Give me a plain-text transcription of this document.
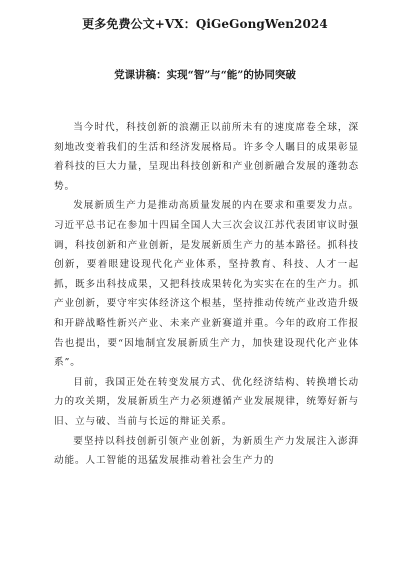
更多免费公文+VX：QiGeGongWen2024
党课讲稿：实现“智”与“能”的协同突破

当今时代，科技创新的浪潮正以前所未有的速度席卷全球，深刻地改变着我们的生活和经济发展格局。许多令人瞩目的成果彰显着科技的巨大力量，呈现出科技创新和产业创新融合发展的蓬勃态势。

发展新质生产力是推动高质量发展的内在要求和重要发力点。习近平总书记在参加十四届全国人大三次会议江苏代表团审议时强调，科技创新和产业创新，是发展新质生产力的基本路径。抓科技创新，要着眼建设现代化产业体系，坚持教育、科技、人才一起抓，既多出科技成果，又把科技成果转化为实实在在的生产力。抓产业创新，要守牢实体经济这个根基，坚持推动传统产业改造升级和开辟战略性新兴产业、未来产业新赛道并重。今年的政府工作报告也提出，要“因地制宜发展新质生产力，加快建设现代化产业体系”。

目前，我国正处在转变发展方式、优化经济结构、转换增长动力的攻关期，发展新质生产力必须遵循产业发展规律，统筹好新与旧、立与破、当前与长远的辩证关系。

要坚持以科技创新引领产业创新，为新质生产力发展注入澎湃动能。人工智能的迅猛发展推动着社会生产力的
